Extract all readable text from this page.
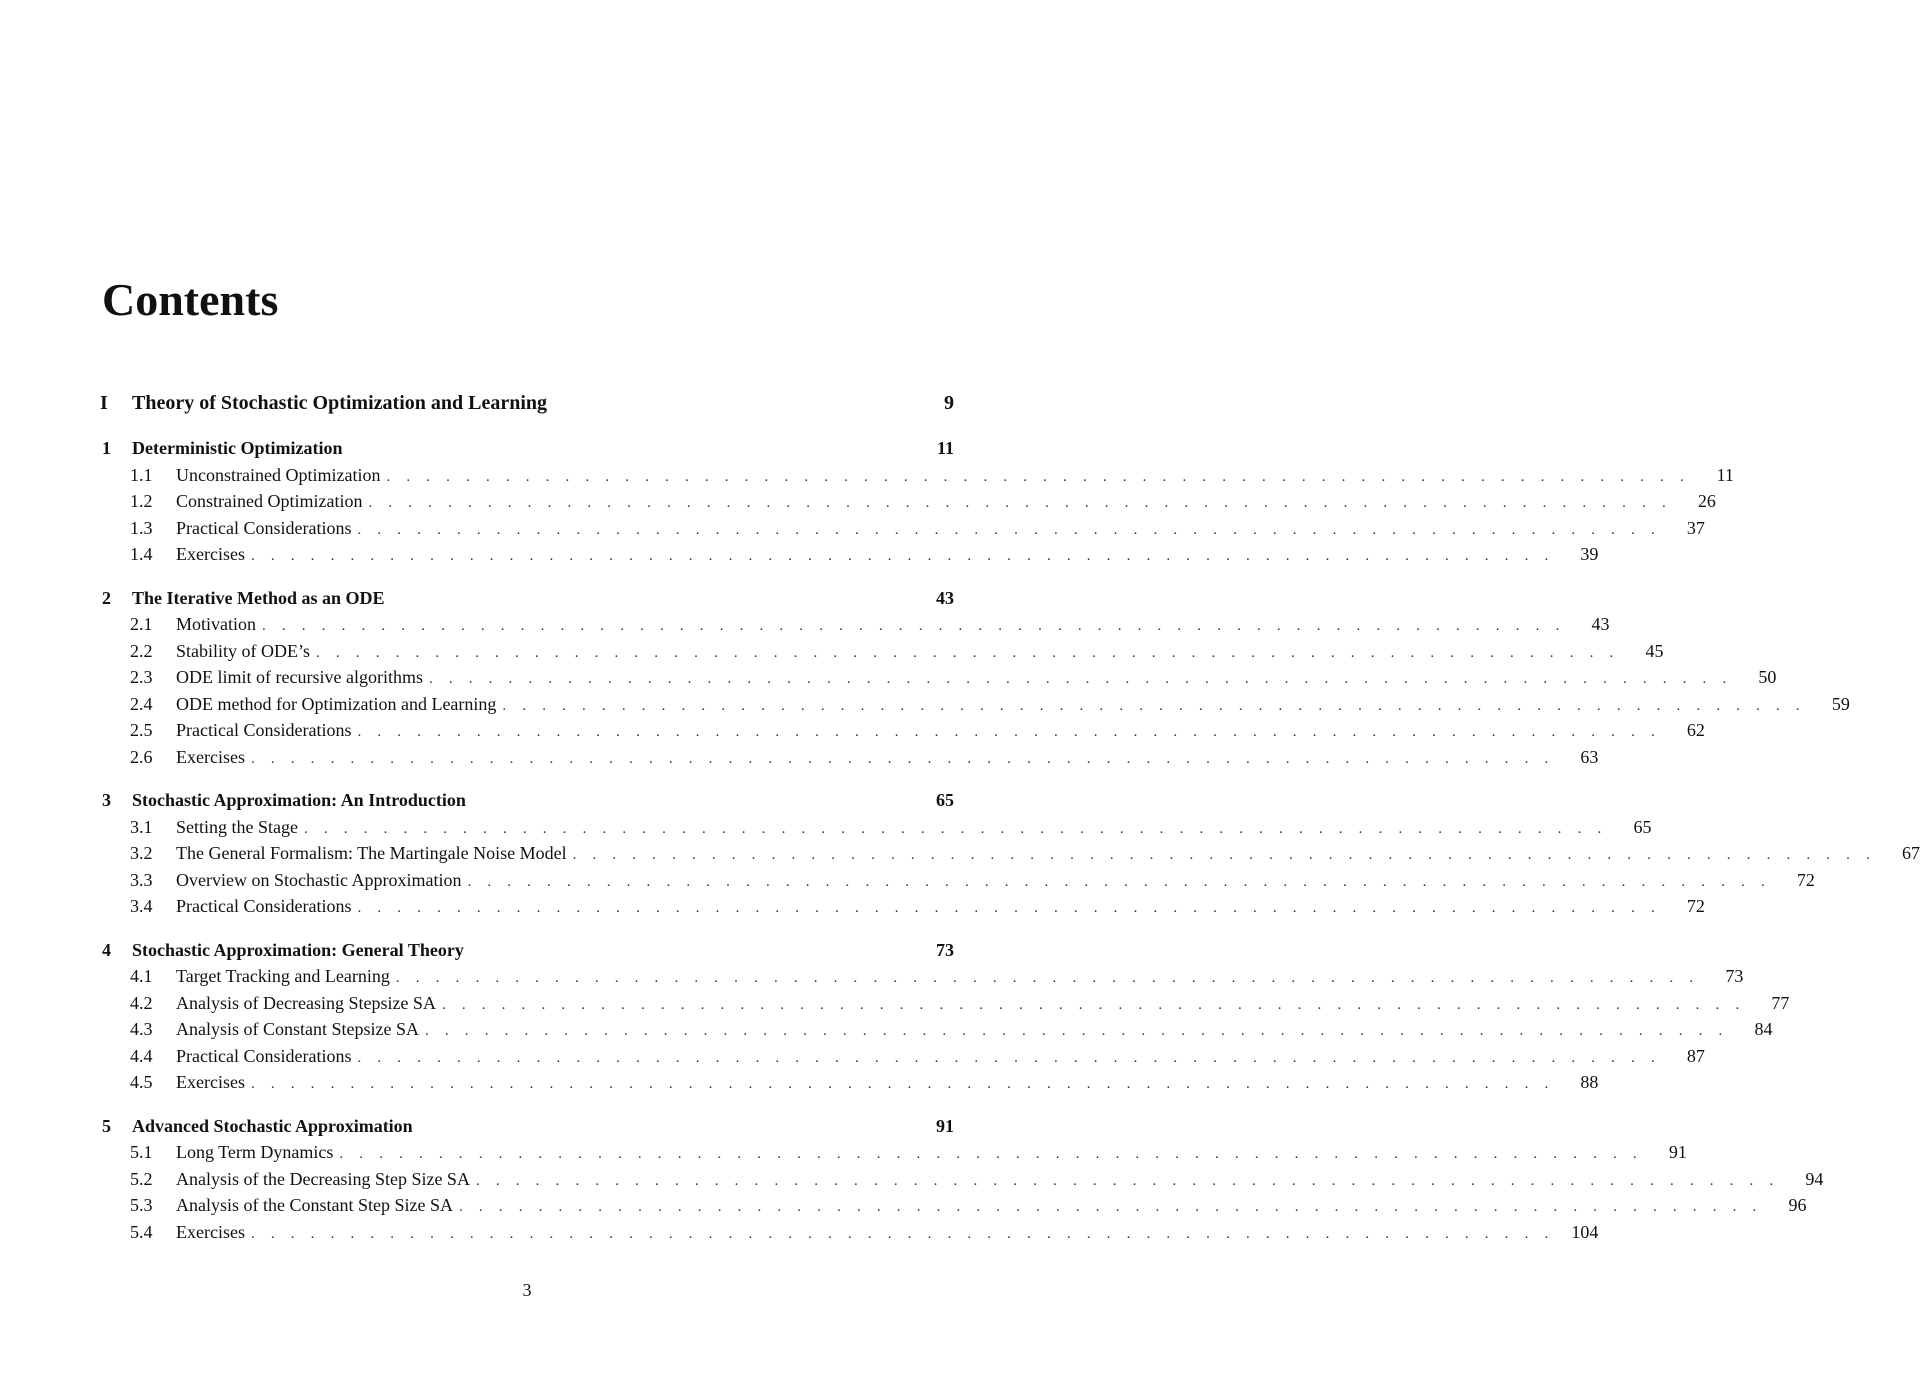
Contents
I Theory of Stochastic Optimization and Learning	9
1 Deterministic Optimization	11
1.1 Unconstrained Optimization . . . . . . . . . . . . . . . . . . . . . . . . . . . . . . . . . . . . . . . . . . . . . . . . . . . . . . . . . . . . . . . . . .	11
1.2 Constrained Optimization . . . . . . . . . . . . . . . . . . . . . . . . . . . . . . . . . . . . . . . . . . . . . . . . . . . . . . . . . . . . . . . . . .	26
1.3 Practical Considerations . . . . . . . . . . . . . . . . . . . . . . . . . . . . . . . . . . . . . . . . . . . . . . . . . . . . . . . . . . . . . . . . . .	37
1.4 Exercises . . . . . . . . . . . . . . . . . . . . . . . . . . . . . . . . . . . . . . . . . . . . . . . . . . . . . . . . . . . . . . . . . .	39
2 The Iterative Method as an ODE	43
2.1 Motivation . . . . . . . . . . . . . . . . . . . . . . . . . . . . . . . . . . . . . . . . . . . . . . . . . . . . . . . . . . . . . . . . . .	43
2.2 Stability of ODE’s . . . . . . . . . . . . . . . . . . . . . . . . . . . . . . . . . . . . . . . . . . . . . . . . . . . . . . . . . . . . . . . . . .	45
2.3 ODE limit of recursive algorithms . . . . . . . . . . . . . . . . . . . . . . . . . . . . . . . . . . . . . . . . . . . . . . . . . . . . . . . . . . . . . . . . . .	50
2.4 ODE method for Optimization and Learning . . . . . . . . . . . . . . . . . . . . . . . . . . . . . . . . . . . . . . . . . . . . . . . . . . . . . . . . . . . . . . . . . .	59
2.5 Practical Considerations . . . . . . . . . . . . . . . . . . . . . . . . . . . . . . . . . . . . . . . . . . . . . . . . . . . . . . . . . . . . . . . . . .	62
2.6 Exercises . . . . . . . . . . . . . . . . . . . . . . . . . . . . . . . . . . . . . . . . . . . . . . . . . . . . . . . . . . . . . . . . . .	63
3 Stochastic Approximation: An Introduction	65
3.1 Setting the Stage . . . . . . . . . . . . . . . . . . . . . . . . . . . . . . . . . . . . . . . . . . . . . . . . . . . . . . . . . . . . . . . . . .	65
3.2 The General Formalism: The Martingale Noise Model . . . . . . . . . . . . . . . . . . . . . . . . . . . . . . . . . . . . . . . . . . . . . . . . . . . . . . . . . . . . . . . . . .	67
3.3 Overview on Stochastic Approximation . . . . . . . . . . . . . . . . . . . . . . . . . . . . . . . . . . . . . . . . . . . . . . . . . . . . . . . . . . . . . . . . . .	72
3.4 Practical Considerations . . . . . . . . . . . . . . . . . . . . . . . . . . . . . . . . . . . . . . . . . . . . . . . . . . . . . . . . . . . . . . . . . .	72
4 Stochastic Approximation: General Theory	73
4.1 Target Tracking and Learning . . . . . . . . . . . . . . . . . . . . . . . . . . . . . . . . . . . . . . . . . . . . . . . . . . . . . . . . . . . . . . . . . .	73
4.2 Analysis of Decreasing Stepsize SA . . . . . . . . . . . . . . . . . . . . . . . . . . . . . . . . . . . . . . . . . . . . . . . . . . . . . . . . . . . . . . . . . .	77
4.3 Analysis of Constant Stepsize SA . . . . . . . . . . . . . . . . . . . . . . . . . . . . . . . . . . . . . . . . . . . . . . . . . . . . . . . . . . . . . . . . . .	84
4.4 Practical Considerations . . . . . . . . . . . . . . . . . . . . . . . . . . . . . . . . . . . . . . . . . . . . . . . . . . . . . . . . . . . . . . . . . .	87
4.5 Exercises . . . . . . . . . . . . . . . . . . . . . . . . . . . . . . . . . . . . . . . . . . . . . . . . . . . . . . . . . . . . . . . . . .	88
5 Advanced Stochastic Approximation	91
5.1 Long Term Dynamics . . . . . . . . . . . . . . . . . . . . . . . . . . . . . . . . . . . . . . . . . . . . . . . . . . . . . . . . . . . . . . . . . .	91
5.2 Analysis of the Decreasing Step Size SA . . . . . . . . . . . . . . . . . . . . . . . . . . . . . . . . . . . . . . . . . . . . . . . . . . . . . . . . . . . . . . . . . .	94
5.3 Analysis of the Constant Step Size SA . . . . . . . . . . . . . . . . . . . . . . . . . . . . . . . . . . . . . . . . . . . . . . . . . . . . . . . . . . . . . . . . . .	96
5.4 Exercises . . . . . . . . . . . . . . . . . . . . . . . . . . . . . . . . . . . . . . . . . . . . . . . . . . . . . . . . . . . . . . . . . . 104
3
